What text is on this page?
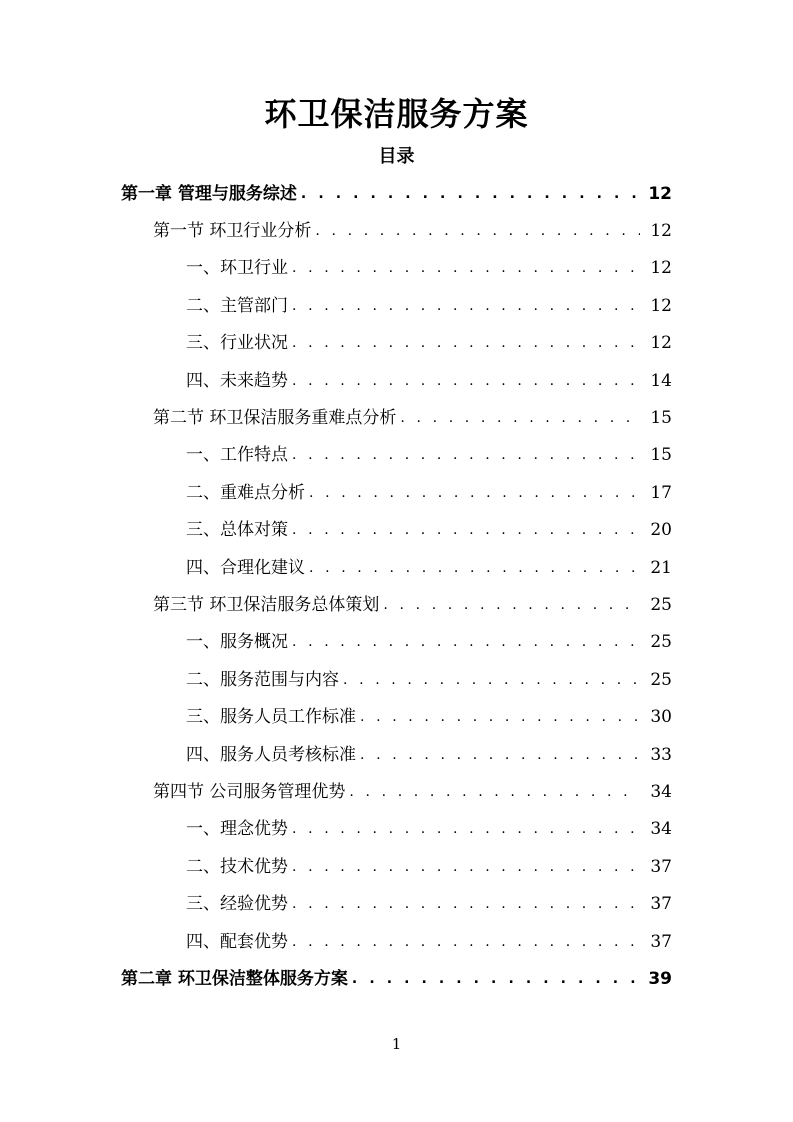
环卫保洁服务方案
目录
第一章 管理与服务综述 . . .	12
第一节 环卫行业分析 . . .	12
一、环卫行业 . . .	12
二、主管部门 . . .	12
三、行业状况 . . .	12
四、未来趋势 . . .	14
第二节 环卫保洁服务重难点分析 . . .	15
一、工作特点 . . .	15
二、重难点分析 . . .	17
三、总体对策 . . .	20
四、合理化建议 . . .	21
第三节 环卫保洁服务总体策划 . . .	25
一、服务概况 . . .	25
二、服务范围与内容 . . .	25
三、服务人员工作标准 . . .	30
四、服务人员考核标准 . . .	33
第四节 公司服务管理优势 . . .	34
一、理念优势 . . .	34
二、技术优势 . . .	37
三、经验优势 . . .	37
四、配套优势 . . .	37
第二章 环卫保洁整体服务方案 . . .	39
1
